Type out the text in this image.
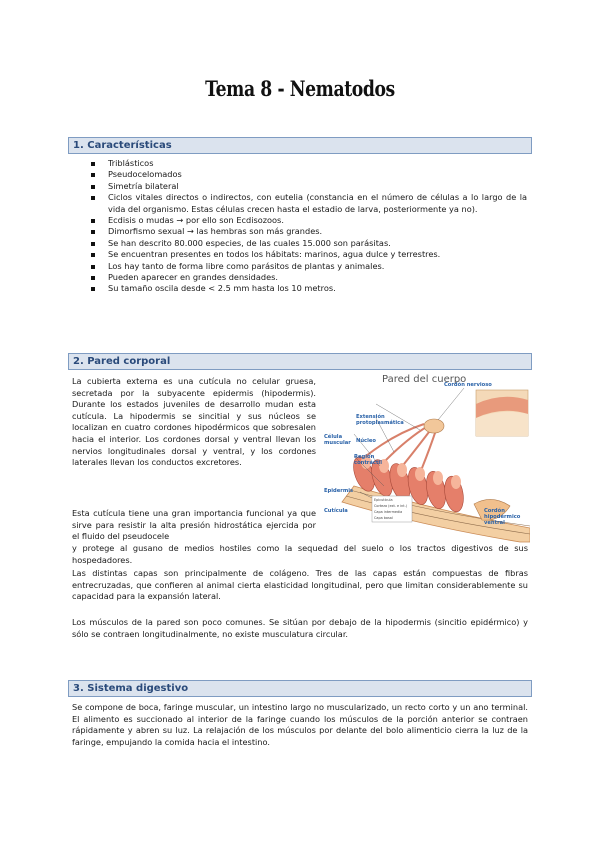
Tema 8 - Nematodos
1. Características
Triblásticos
Pseudocelomados
Simetría bilateral
Ciclos vitales directos o indirectos, con eutelia (constancia en el número de células a lo largo de la vida del organismo. Estas células crecen hasta el estadio de larva, posteriormente ya no).
Ecdisis o mudas → por ello son Ecdisozoos.
Dimorfismo sexual → las hembras son más grandes.
Se han descrito 80.000 especies, de las cuales 15.000 son parásitas.
Se encuentran presentes en todos los hábitats: marinos, agua dulce y terrestres.
Los hay tanto de forma libre como parásitos de plantas y animales.
Pueden aparecer en grandes densidades.
Su tamaño oscila desde < 2.5 mm hasta los 10 metros.
2. Pared corporal
La cubierta externa es una cutícula no celular gruesa, secretada por la subyacente epidermis (hipodermis). Durante los estados juveniles de desarrollo mudan esta cutícula. La hipodermis se sincitial y sus núcleos se localizan en cuatro cordones hipodérmicos que sobresalen hacia el interior. Los cordones dorsal y ventral llevan los nervios longitudinales dorsal y ventral, y los cordones laterales llevan los conductos excretores.
Esta cutícula tiene una gran importancia funcional ya que sirve para resistir la alta presión hidrostática ejercida por el fluido del pseudocele
y protege al gusano de medios hostiles como la sequedad del suelo o los tractos digestivos de sus hospedadores.
Las distintas capas son principalmente de colágeno. Tres de las capas están compuestas de fibras entrecruzadas, que confieren al animal cierta elasticidad longitudinal, pero que limitan considerablemente su capacidad para la expansión lateral.
Los músculos de la pared son poco comunes. Se sitúan por debajo de la hipodermis (sincitio epidérmico) y sólo se contraen longitudinalmente, no existe musculatura circular.
Pared del cuerpo
Cordón nervioso
Extensión protoplasmática
Célula muscular Núcleo
Región contráctil
Epidermis
Cutícula	Cordón hipodérmico ventral
Epicutícula
Corteza (ext. e int.)
Capa intermedia
Capa basal
3. Sistema digestivo
Se compone de boca, faringe muscular, un intestino largo no muscularizado, un recto corto y un ano terminal. El alimento es succionado al interior de la faringe cuando los músculos de la porción anterior se contraen rápidamente y abren su luz. La relajación de los músculos por delante del bolo alimenticio cierra la luz de la faringe, empujando la comida hacia el intestino.
